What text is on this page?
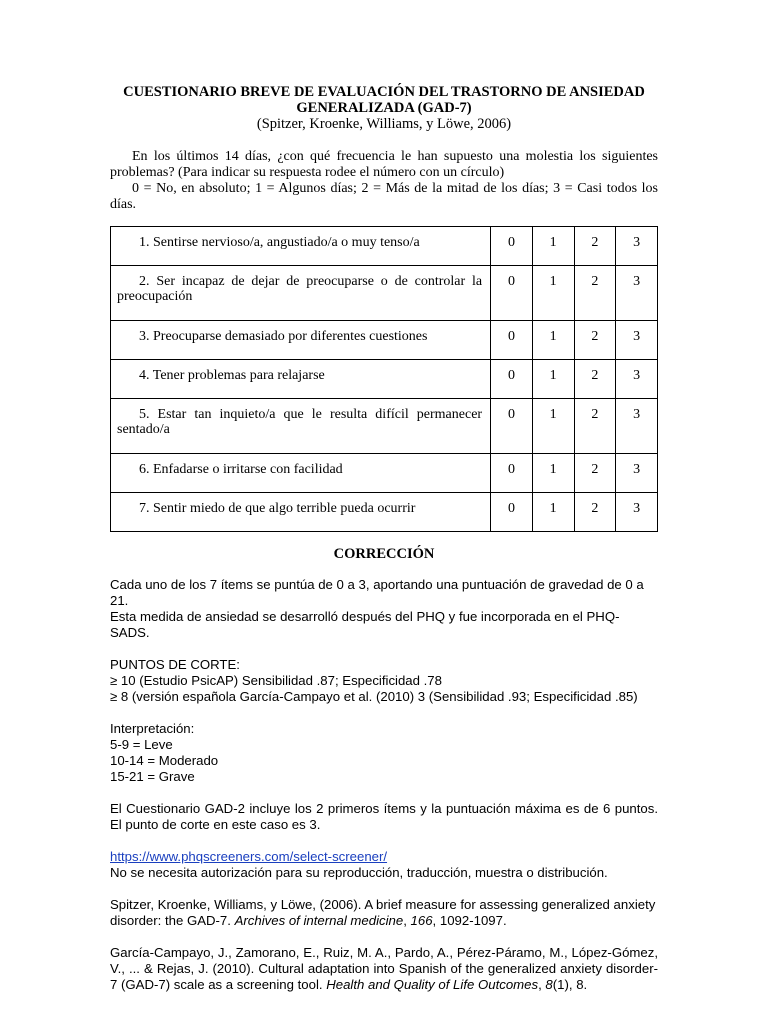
CUESTIONARIO BREVE DE EVALUACIÓN DEL TRASTORNO DE ANSIEDAD GENERALIZADA (GAD-7)

(Spitzer, Kroenke, Williams, y Löwe, 2006)

En los últimos 14 días, ¿con qué frecuencia le han supuesto una molestia los siguientes problemas? (Para indicar su respuesta rodee el número con un círculo)

0 = No, en absoluto; 1 = Algunos días; 2 = Más de la mitad de los días; 3 = Casi todos los días.

1. Sentirse nervioso/a, angustiado/a o muy tenso/a	0	1	2	3

2. Ser incapaz de dejar de preocuparse o de controlar la preocupación	0	1	2	3

3. Preocuparse demasiado por diferentes cuestiones	0	1	2	3

4. Tener problemas para relajarse	0	1	2	3

5. Estar tan inquieto/a que le resulta difícil permanecer sentado/a	0	1	2	3

6. Enfadarse o irritarse con facilidad	0	1	2	3

7. Sentir miedo de que algo terrible pueda ocurrir	0	1	2	3
CORRECCIÓN

Cada uno de los 7 ítems se puntúa de 0 a 3, aportando una puntuación de gravedad de 0 a 21.
Esta medida de ansiedad se desarrolló después del PHQ y fue incorporada en el PHQ-SADS.

PUNTOS DE CORTE:
≥ 10 (Estudio PsicAP) Sensibilidad .87; Especificidad .78
≥ 8 (versión española García-Campayo et al. (2010) 3 (Sensibilidad .93; Especificidad .85)

Interpretación:
5-9 = Leve
10-14 = Moderado
15-21 = Grave

El Cuestionario GAD-2 incluye los 2 primeros ítems y la puntuación máxima es de 6 puntos. El punto de corte en este caso es 3.

https://www.phqscreeners.com/select-screener/
No se necesita autorización para su reproducción, traducción, muestra o distribución.

Spitzer, Kroenke, Williams, y Löwe, (2006). A brief measure for assessing generalized anxiety disorder: the GAD-7. Archives of internal medicine, 166, 1092-1097.

García-Campayo, J., Zamorano, E., Ruiz, M. A., Pardo, A., Pérez-Páramo, M., López-Gómez, V., ... & Rejas, J. (2010). Cultural adaptation into Spanish of the generalized anxiety disorder-7 (GAD-7) scale as a screening tool. Health and Quality of Life Outcomes, 8(1), 8.
